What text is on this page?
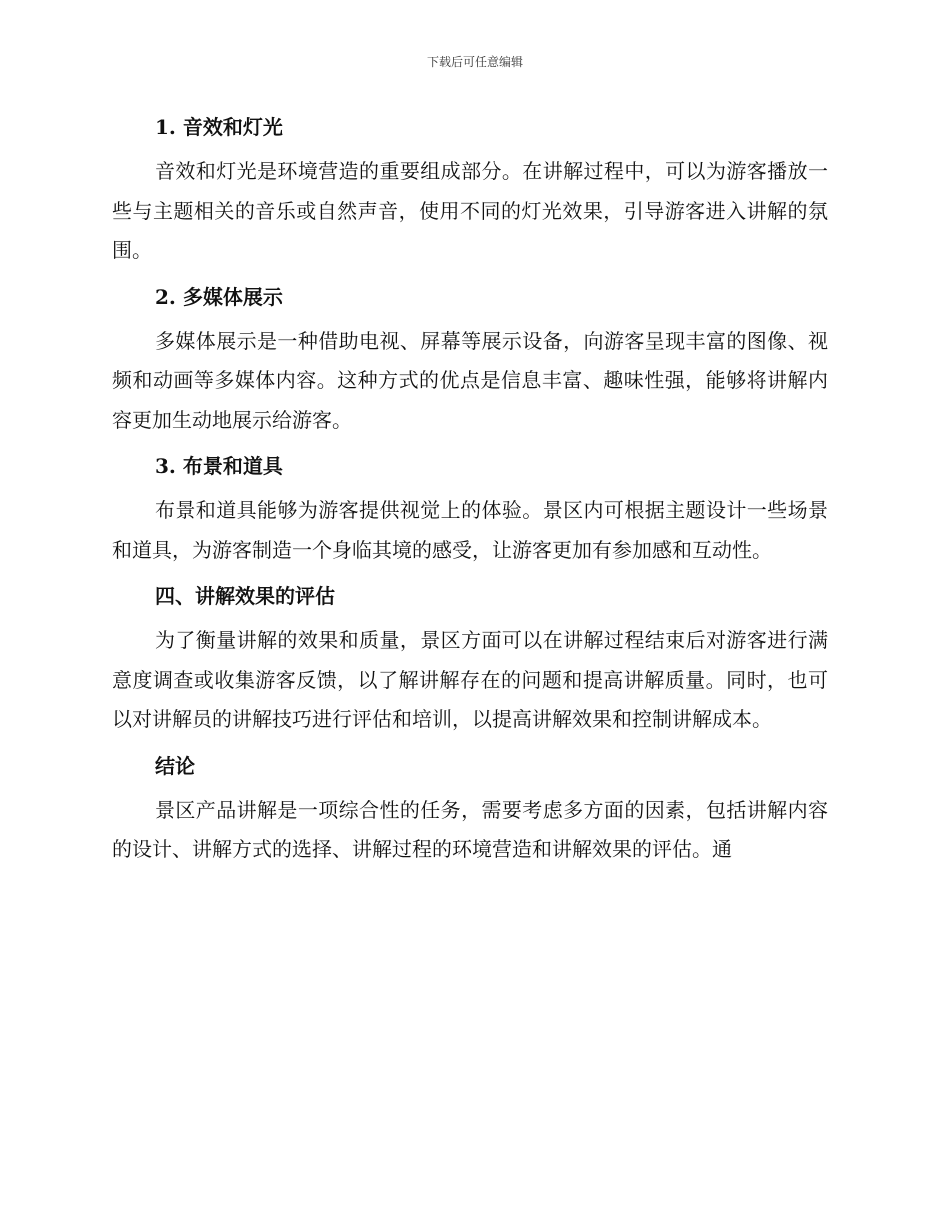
下载后可任意编辑
1. 音效和灯光

音效和灯光是环境营造的重要组成部分。在讲解过程中，可以为游客播放一些与主题相关的音乐或自然声音，使用不同的灯光效果，引导游客进入讲解的氛围。

2. 多媒体展示

多媒体展示是一种借助电视、屏幕等展示设备，向游客呈现丰富的图像、视频和动画等多媒体内容。这种方式的优点是信息丰富、趣味性强，能够将讲解内容更加生动地展示给游客。

3. 布景和道具

布景和道具能够为游客提供视觉上的体验。景区内可根据主题设计一些场景和道具，为游客制造一个身临其境的感受，让游客更加有参加感和互动性。

四、讲解效果的评估

为了衡量讲解的效果和质量，景区方面可以在讲解过程结束后对游客进行满意度调查或收集游客反馈，以了解讲解存在的问题和提高讲解质量。同时，也可以对讲解员的讲解技巧进行评估和培训，以提高讲解效果和控制讲解成本。

结论

景区产品讲解是一项综合性的任务，需要考虑多方面的因素，包括讲解内容的设计、讲解方式的选择、讲解过程的环境营造和讲解效果的评估。通
